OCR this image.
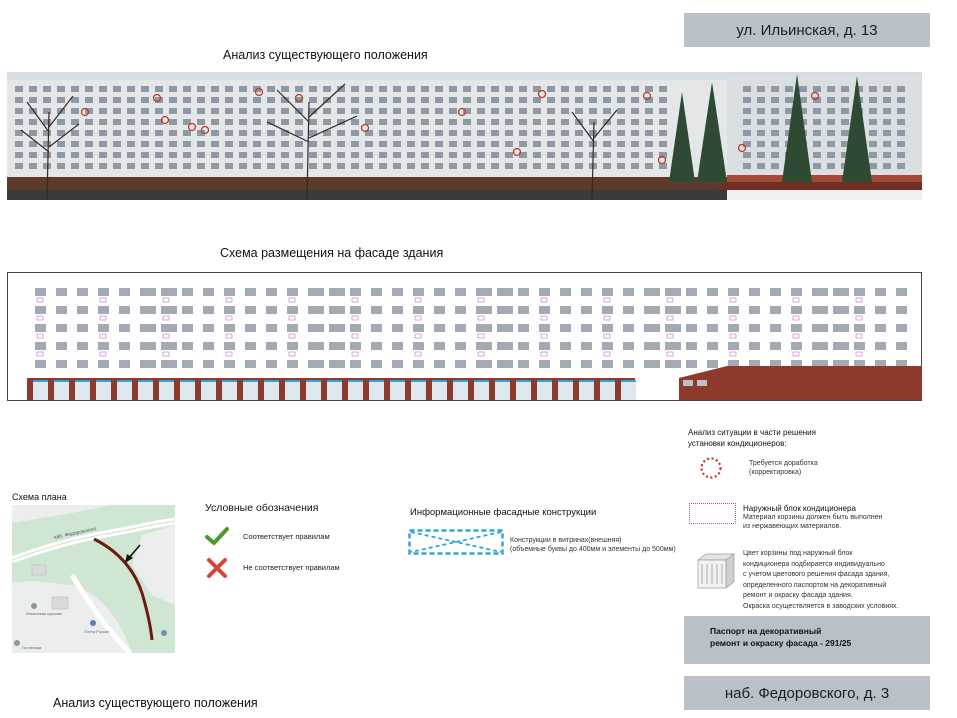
ул. Ильинская, д. 13
Анализ существующего положения
Схема размещения на фасаде здания
Анализ ситуации в части решения
установки кондиционеров:
Требуется доработка
(корректировка)
Наружный блок кондиционера
Материал корзины должен быть выполнен
из нержавеющих материалов.
Цвет корзины под наружный блок
кондиционера подбирается индивидуально
с учетом цветового решения фасада здания,
определенного паспортом на декоративный
ремонт и окраску фасада здания.
Окраска осуществляется в заводских условиях.
Паспорт на декоративный
ремонт и окраску фасада - 291/25
наб. Федоровского, д. 3
Схема плана
наб. Федоровского
Ильинская церковь
Почта России
Гостиница
Условные обозначения
Соответствует правилам
Не соответствует правилам
Информационные фасадные конструкции
Конструкции в витринах(внешняя)
(объемные буквы до 400мм и элементы до 500мм)
Анализ существующего положения
